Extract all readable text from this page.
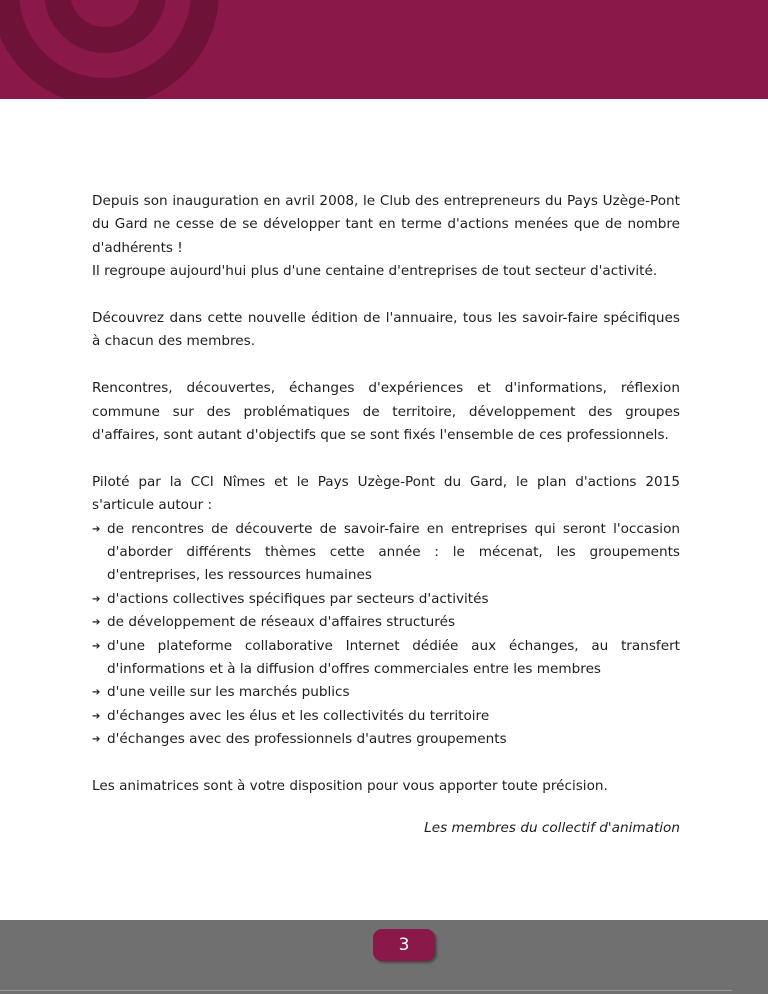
Depuis son inauguration en avril 2008, le Club des entrepreneurs du Pays Uzège-Pont du Gard ne cesse de se développer tant en terme d'actions menées que de nombre d'adhérents !

Il regroupe aujourd'hui plus d'une centaine d'entreprises de tout secteur d'activité.

Découvrez dans cette nouvelle édition de l'annuaire, tous les savoir-faire spécifiques à chacun des membres.

Rencontres, découvertes, échanges d'expériences et d'informations, réflexion commune sur des problématiques de territoire, développement des groupes d'affaires, sont autant d'objectifs que se sont fixés l'ensemble de ces professionnels.

Piloté par la CCI Nîmes et le Pays Uzège-Pont du Gard, le plan d'actions 2015 s'articule autour :

➔ de rencontres de découverte de savoir-faire en entreprises qui seront l'occasion d'aborder différents thèmes cette année : le mécenat, les groupements d'entreprises, les ressources humaines
➔ d'actions collectives spécifiques par secteurs d'activités
➔ de développement de réseaux d'affaires structurés
➔ d'une plateforme collaborative Internet dédiée aux échanges, au transfert d'informations et à la diffusion d'offres commerciales entre les membres
➔ d'une veille sur les marchés publics
➔ d'échanges avec les élus et les collectivités du territoire
➔ d'échanges avec des professionnels d'autres groupements

Les animatrices sont à votre disposition pour vous apporter toute précision.

Les membres du collectif d'animation
3
